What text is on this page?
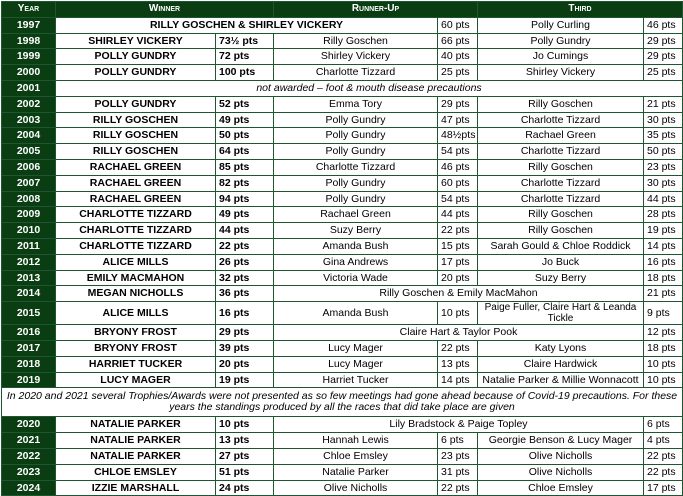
Year	Winner		Runner-Up		Third	
1997	RILLY GOSCHEN & SHIRLEY VICKERY			60 pts	Polly Curling	46 pts
1998	SHIRLEY VICKERY	73½ pts	Rilly Goschen	66 pts	Polly Gundry	29 pts
1999	POLLY GUNDRY	72 pts	Shirley Vickery	40 pts	Jo Cumings	29 pts
2000	POLLY GUNDRY	100 pts	Charlotte Tizzard	25 pts	Shirley Vickery	25 pts
2001	not awarded – foot & mouth disease precautions					
2002	POLLY GUNDRY	52 pts	Emma Tory	29 pts	Rilly Goschen	21 pts
2003	RILLY GOSCHEN	49 pts	Polly Gundry	47 pts	Charlotte Tizzard	30 pts
2004	RILLY GOSCHEN	50 pts	Polly Gundry	48½pts	Rachael Green	35 pts
2005	RILLY GOSCHEN	64 pts	Polly Gundry	54 pts	Charlotte Tizzard	50 pts
2006	RACHAEL GREEN	85 pts	Charlotte Tizzard	46 pts	Rilly Goschen	23 pts
2007	RACHAEL GREEN	82 pts	Polly Gundry	60 pts	Charlotte Tizzard	30 pts
2008	RACHAEL GREEN	94 pts	Polly Gundry	54 pts	Charlotte Tizzard	44 pts
2009	CHARLOTTE TIZZARD	49 pts	Rachael Green	44 pts	Rilly Goschen	28 pts
2010	CHARLOTTE TIZZARD	44 pts	Suzy Berry	22 pts	Rilly Goschen	19 pts
2011	CHARLOTTE TIZZARD	22 pts	Amanda Bush	15 pts	Sarah Gould & Chloe Roddick	14 pts
2012	ALICE MILLS	26 pts	Gina Andrews	17 pts	Jo Buck	16 pts
2013	EMILY MACMAHON	32 pts	Victoria Wade	20 pts	Suzy Berry	18 pts
2014	MEGAN NICHOLLS	36 pts	Rilly Goschen & Emily MacMahon			21 pts
2015	ALICE MILLS	16 pts	Amanda Bush	10 pts	Paige Fuller, Claire Hart & Leanda Tickle	9 pts
2016	BRYONY FROST	29 pts	Claire Hart & Taylor Pook			12 pts
2017	BRYONY FROST	39 pts	Lucy Mager	22 pts	Katy Lyons	18 pts
2018	HARRIET TUCKER	20 pts	Lucy Mager	13 pts	Claire Hardwick	10 pts
2019	LUCY MAGER	19 pts	Harriet Tucker	14 pts	Natalie Parker & Millie Wonnacott	10 pts
In 2020 and 2021 several Trophies/Awards were not presented as so few meetings had gone ahead because of Covid-19 precautions. For these years the standings produced by all the races that did take place are given						
2020	NATALIE PARKER	10 pts	Lily Bradstock & Paige Topley			6 pts
2021	NATALIE PARKER	13 pts	Hannah Lewis	6 pts	Georgie Benson & Lucy Mager	4 pts
2022	NATALIE PARKER	27 pts	Chloe Emsley	23 pts	Olive Nicholls	22 pts
2023	CHLOE EMSLEY	51 pts	Natalie Parker	31 pts	Olive Nicholls	22 pts
2024	IZZIE MARSHALL	24 pts	Olive Nicholls	22 pts	Chloe Emsley	17 pts
